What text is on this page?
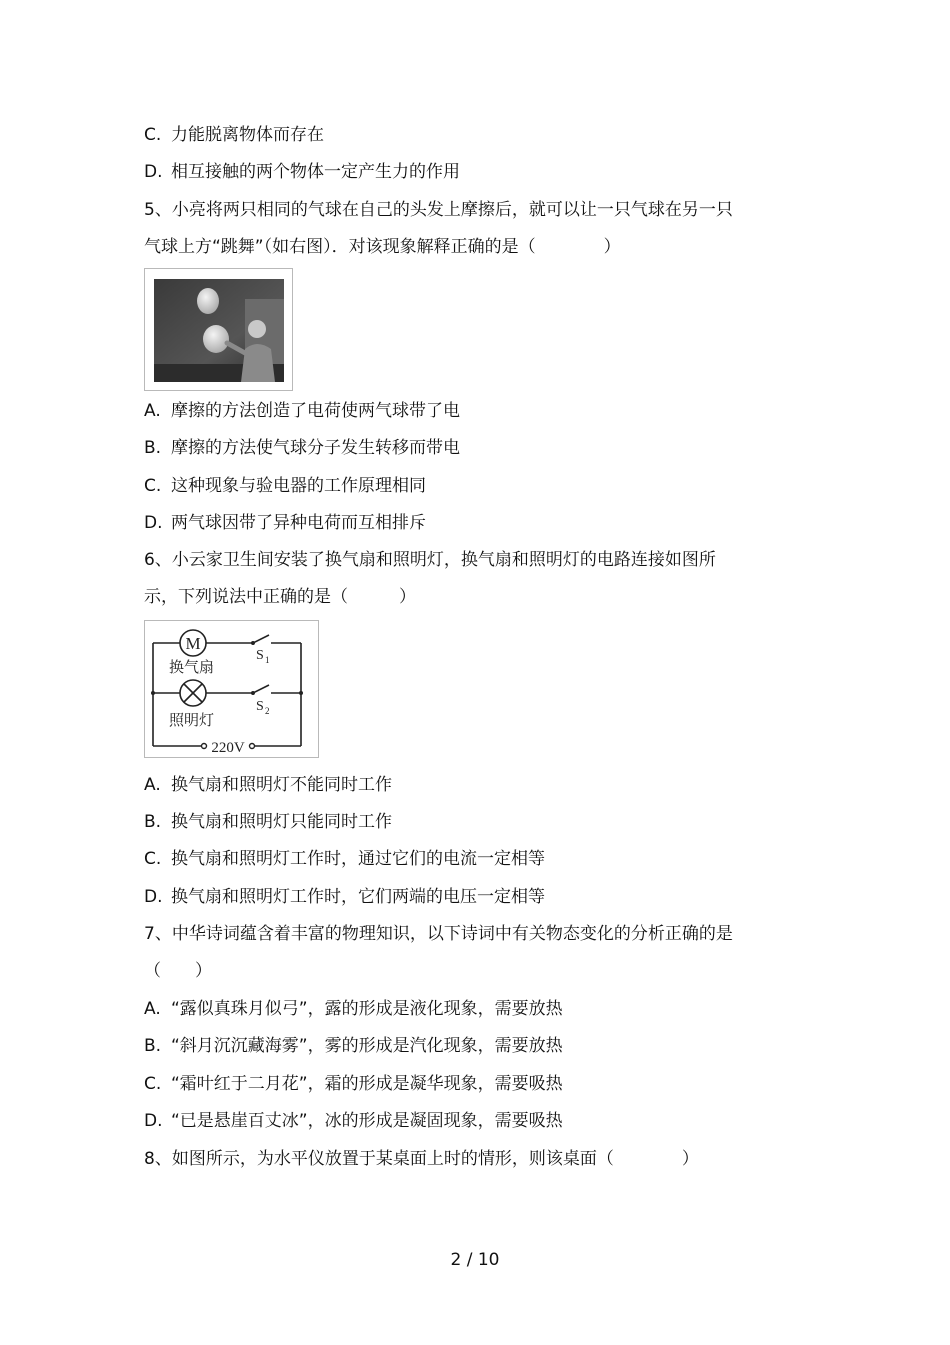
C. 力能脱离物体而存在
D. 相互接触的两个物体一定产生力的作用
5、小亮将两只相同的气球在自己的头发上摩擦后，就可以让一只气球在另一只
气球上方“跳舞”（如右图）．对该现象解释正确的是（　　　　）
A. 摩擦的方法创造了电荷使两气球带了电
B. 摩擦的方法使气球分子发生转移而带电
C. 这种现象与验电器的工作原理相同
D. 两气球因带了异种电荷而互相排斥
6、小云家卫生间安装了换气扇和照明灯，换气扇和照明灯的电路连接如图所
示，下列说法中正确的是（　　　）
M
换气扇
照明灯
S 1
S 2
220V
A. 换气扇和照明灯不能同时工作
B. 换气扇和照明灯只能同时工作
C. 换气扇和照明灯工作时，通过它们的电流一定相等
D. 换气扇和照明灯工作时，它们两端的电压一定相等
7、中华诗词蕴含着丰富的物理知识，以下诗词中有关物态变化的分析正确的是
（　　）
A. “露似真珠月似弓”，露的形成是液化现象，需要放热
B. “斜月沉沉藏海雾”，雾的形成是汽化现象，需要放热
C. “霜叶红于二月花”，霜的形成是凝华现象，需要吸热
D. “已是悬崖百丈冰”，冰的形成是凝固现象，需要吸热
8、如图所示，为水平仪放置于某桌面上时的情形，则该桌面（　　　　）
2 / 10
